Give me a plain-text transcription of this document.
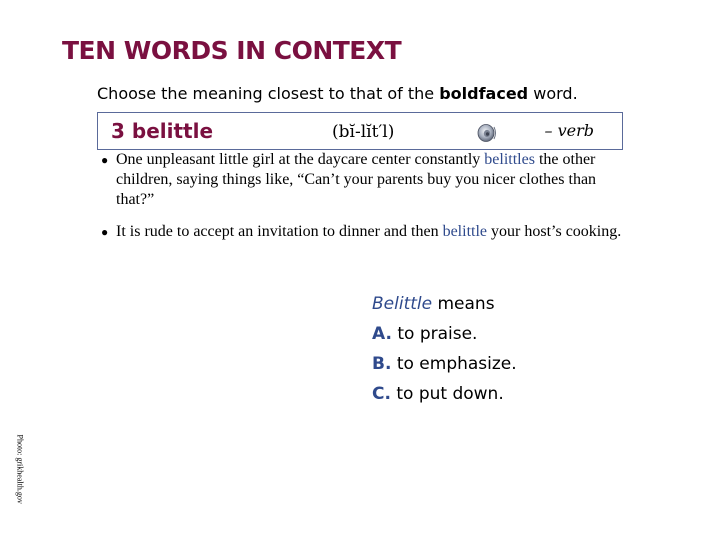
TEN WORDS IN CONTEXT
Choose the meaning closest to that of the boldfaced word.
3 belittle	(bĭ-lĭt′l)	– verb
● One unpleasant little girl at the daycare center constantly belittles the other children, saying things like, “Can’t your parents buy you nicer clothes than that?”
● It is rude to accept an invitation to dinner and then belittle your host’s cooking.
Belittle means
A. to praise.
B. to emphasize.
C. to put down.
Photo: grikhealth.gov
